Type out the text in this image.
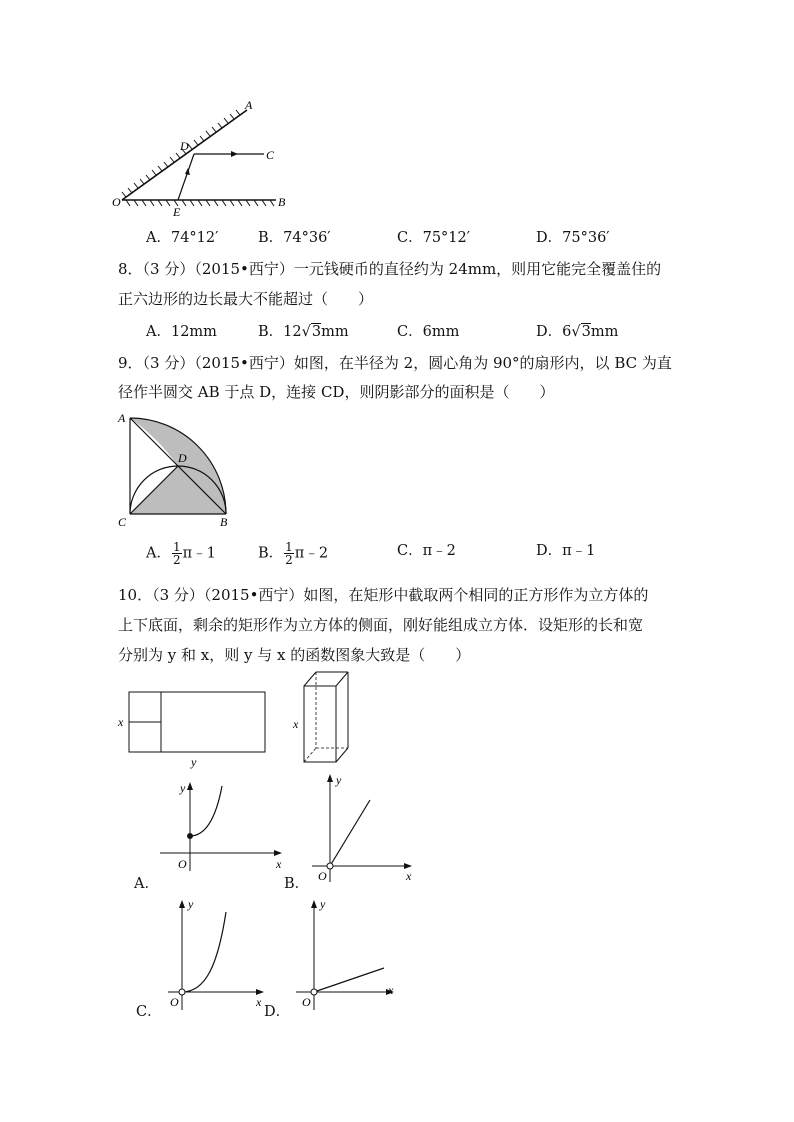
A
D
C
O
E
B
A．74°12′	B．74°36′	C．75°12′	D．75°36′
8．（3 分）（2015•西宁）一元钱硬币的直径约为 24mm，则用它能完全覆盖住的
正六边形的边长最大不能超过（　　）
A．12mm	B．12√3mm	C．6mm	D．6√3mm
9．（3 分）（2015•西宁）如图，在半径为 2，圆心角为 90°的扇形内，以 BC 为直
径作半圆交 AB 于点 D，连接 CD，则阴影部分的面积是（　　）
A
D
C	B
A． $\frac{1}{2}$ π﹣1	B． $\frac{1}{2}$ π﹣2	C．π﹣2	D．π﹣1
10．（3 分）（2015•西宁）如图，在矩形中截取两个相同的正方形作为立方体的
上下底面，剩余的矩形作为立方体的侧面，刚好能组成立方体．设矩形的长和宽
分别为 y 和 x，则 y 与 x 的函数图象大致是（　　）
x
y
x
y
x
O
A．
y
x
O
B．
y
x
O
C．
y
x
O
D．
